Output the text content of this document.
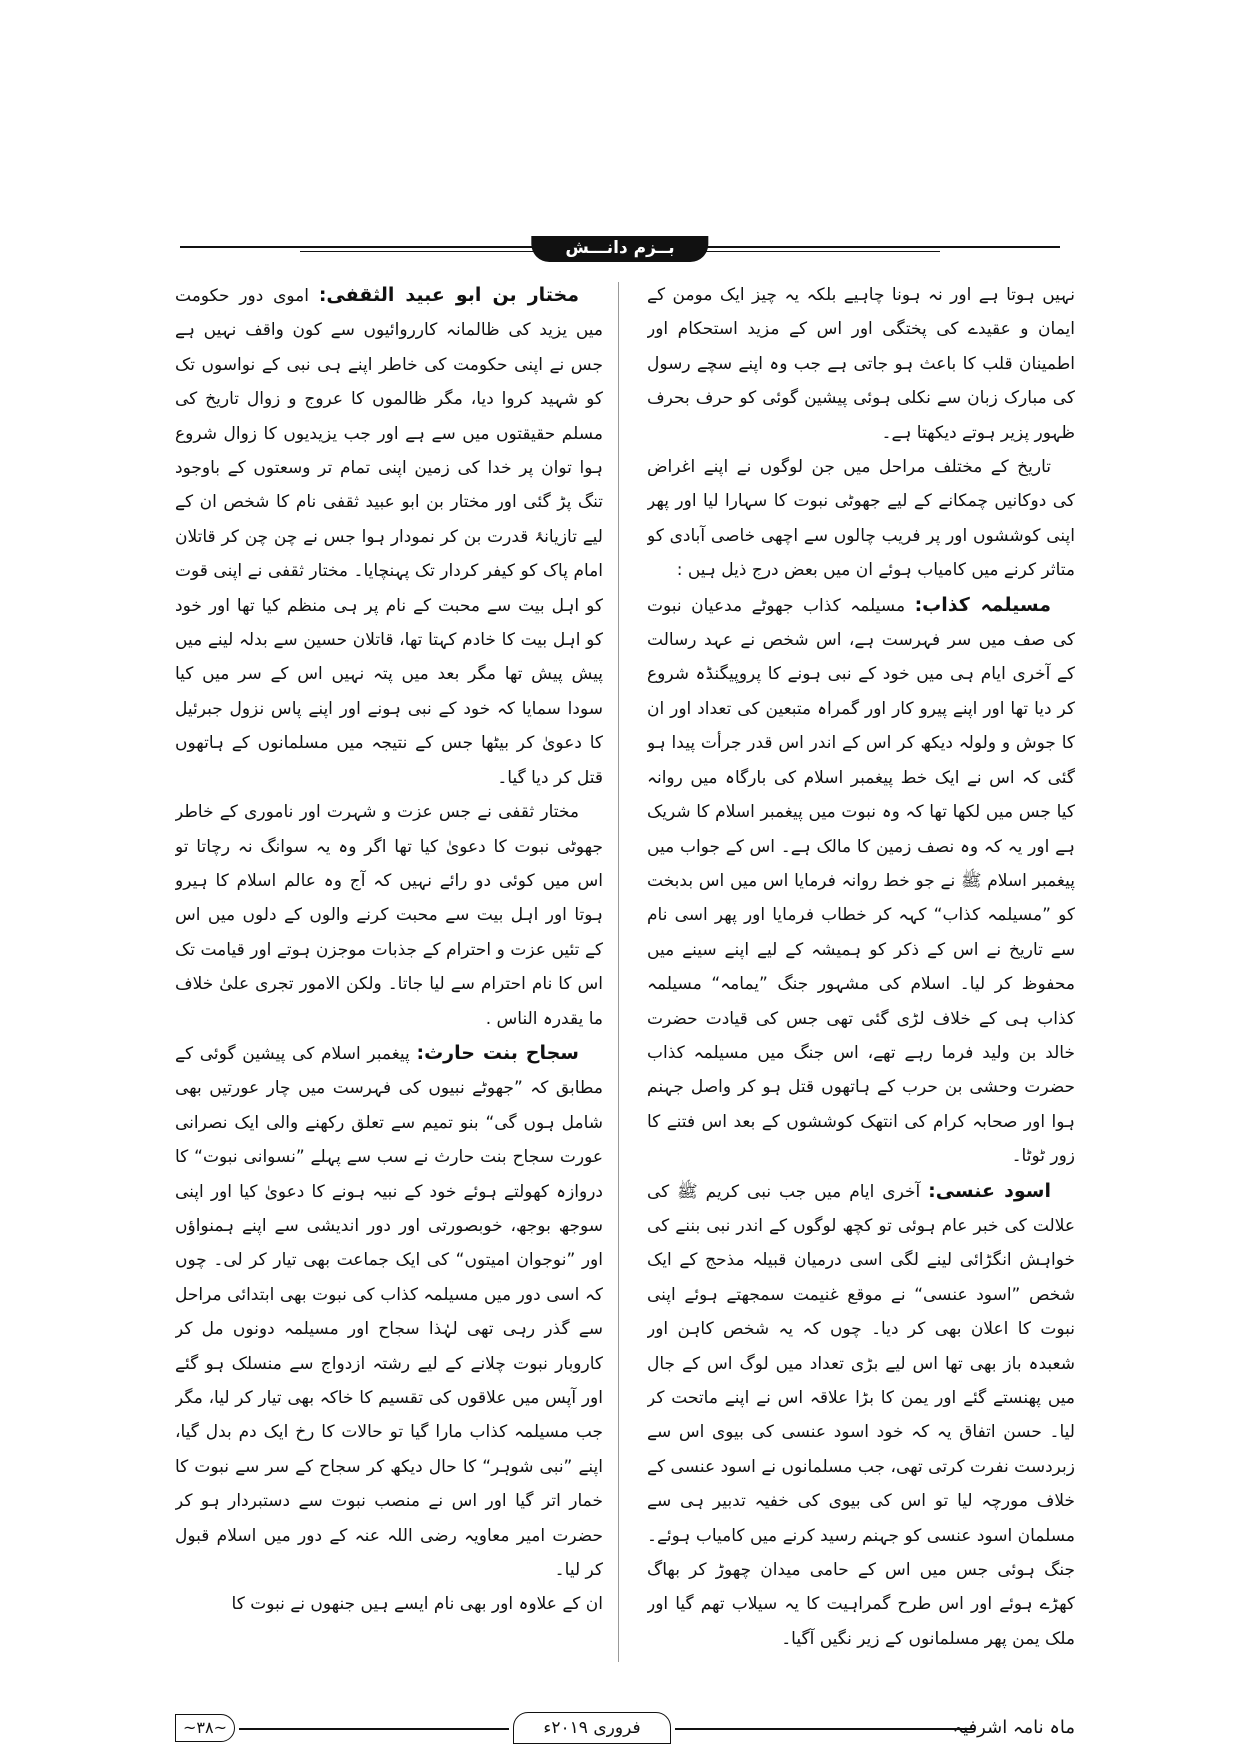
بــزم دانـــش

نہیں ہوتا ہے اور نہ ہونا چاہیے بلکہ یہ چیز ایک مومن کے ایمان و عقیدے کی پختگی اور اس کے مزید استحکام اور اطمینان قلب کا باعث ہو جاتی ہے جب وہ اپنے سچے رسول کی مبارک زبان سے نکلی ہوئی پیشین گوئی کو حرف بحرف ظہور پزیر ہوتے دیکھتا ہے۔

تاریخ کے مختلف مراحل میں جن لوگوں نے اپنے اغراض کی دوکانیں چمکانے کے لیے جھوٹی نبوت کا سہارا لیا اور پھر اپنی کوششوں اور پر فریب چالوں سے اچھی خاصی آبادی کو متاثر کرنے میں کامیاب ہوئے ان میں بعض درج ذیل ہیں :

مسیلمہ کذاب: مسیلمہ کذاب جھوٹے مدعیان نبوت کی صف میں سر فہرست ہے، اس شخص نے عہد رسالت کے آخری ایام ہی میں خود کے نبی ہونے کا پروپیگنڈہ شروع کر دیا تھا اور اپنے پیرو کار اور گمراہ متبعین کی تعداد اور ان کا جوش و ولولہ دیکھ کر اس کے اندر اس قدر جرأت پیدا ہو گئی کہ اس نے ایک خط پیغمبر اسلام کی بارگاہ میں روانہ کیا جس میں لکھا تھا کہ وہ نبوت میں پیغمبر اسلام کا شریک ہے اور یہ کہ وہ نصف زمین کا مالک ہے۔ اس کے جواب میں پیغمبر اسلام ﷺ نے جو خط روانہ فرمایا اس میں اس بدبخت کو ”مسیلمہ کذاب“ کہہ کر خطاب فرمایا اور پھر اسی نام سے تاریخ نے اس کے ذکر کو ہمیشہ کے لیے اپنے سینے میں محفوظ کر لیا۔ اسلام کی مشہور جنگ ”یمامہ“ مسیلمہ کذاب ہی کے خلاف لڑی گئی تھی جس کی قیادت حضرت خالد بن ولید فرما رہے تھے، اس جنگ میں مسیلمہ کذاب حضرت وحشی بن حرب کے ہاتھوں قتل ہو کر واصل جہنم ہوا اور صحابہ کرام کی انتھک کوششوں کے بعد اس فتنے کا زور ٹوٹا۔

اسود عنسی: آخری ایام میں جب نبی کریم ﷺ کی علالت کی خبر عام ہوئی تو کچھ لوگوں کے اندر نبی بننے کی خواہش انگڑائی لینے لگی اسی درمیان قبیلہ مذحج کے ایک شخص ”اسود عنسی“ نے موقع غنیمت سمجھتے ہوئے اپنی نبوت کا اعلان بھی کر دیا۔ چوں کہ یہ شخص کاہن اور شعبدہ باز بھی تھا اس لیے بڑی تعداد میں لوگ اس کے جال میں پھنستے گئے اور یمن کا بڑا علاقہ اس نے اپنے ماتحت کر لیا۔ حسن اتفاق یہ کہ خود اسود عنسی کی بیوی اس سے زبردست نفرت کرتی تھی، جب مسلمانوں نے اسود عنسی کے خلاف مورچہ لیا تو اس کی بیوی کی خفیہ تدبیر ہی سے مسلمان اسود عنسی کو جہنم رسید کرنے میں کامیاب ہوئے۔ جنگ ہوئی جس میں اس کے حامی میدان چھوڑ کر بھاگ کھڑے ہوئے اور اس طرح گمراہیت کا یہ سیلاب تھم گیا اور ملک یمن پھر مسلمانوں کے زیر نگیں آگیا۔

مختار بن ابو عبید الثقفی: اموی دور حکومت میں یزید کی ظالمانہ کارروائیوں سے کون واقف نہیں ہے جس نے اپنی حکومت کی خاطر اپنے ہی نبی کے نواسوں تک کو شہید کروا دیا، مگر ظالموں کا عروج و زوال تاریخ کی مسلم حقیقتوں میں سے ہے اور جب یزیدیوں کا زوال شروع ہوا توان پر خدا کی زمین اپنی تمام تر وسعتوں کے باوجود تنگ پڑ گئی اور مختار بن ابو عبید ثقفی نام کا شخص ان کے لیے تازیانۂ قدرت بن کر نمودار ہوا جس نے چن چن کر قاتلان امام پاک کو کیفر کردار تک پہنچایا۔ مختار ثقفی نے اپنی قوت کو اہل بیت سے محبت کے نام پر ہی منظم کیا تھا اور خود کو اہل بیت کا خادم کہتا تھا، قاتلان حسین سے بدلہ لینے میں پیش پیش تھا مگر بعد میں پتہ نہیں اس کے سر میں کیا سودا سمایا کہ خود کے نبی ہونے اور اپنے پاس نزول جبرئیل کا دعویٰ کر بیٹھا جس کے نتیجہ میں مسلمانوں کے ہاتھوں قتل کر دیا گیا۔

مختار ثقفی نے جس عزت و شہرت اور ناموری کے خاطر جھوٹی نبوت کا دعویٰ کیا تھا اگر وہ یہ سوانگ نہ رچاتا تو اس میں کوئی دو رائے نہیں کہ آج وہ عالم اسلام کا ہیرو ہوتا اور اہل بیت سے محبت کرنے والوں کے دلوں میں اس کے تئیں عزت و احترام کے جذبات موجزن ہوتے اور قیامت تک اس کا نام احترام سے لیا جاتا۔ ولکن الامور تجری علیٰ خلاف ما یقدرہ الناس .

سجاح بنت حارث: پیغمبر اسلام کی پیشین گوئی کے مطابق کہ ”جھوٹے نبیوں کی فہرست میں چار عورتیں بھی شامل ہوں گی“ بنو تمیم سے تعلق رکھنے والی ایک نصرانی عورت سجاح بنت حارث نے سب سے پہلے ”نسوانی نبوت“ کا دروازہ کھولتے ہوئے خود کے نبیہ ہونے کا دعویٰ کیا اور اپنی سوجھ بوجھ، خوبصورتی اور دور اندیشی سے اپنے ہمنواؤں اور ”نوجوان امیتوں“ کی ایک جماعت بھی تیار کر لی۔ چوں کہ اسی دور میں مسیلمہ کذاب کی نبوت بھی ابتدائی مراحل سے گذر رہی تھی لہٰذا سجاح اور مسیلمہ دونوں مل کر کاروبار نبوت چلانے کے لیے رشتہ ازدواج سے منسلک ہو گئے اور آپس میں علاقوں کی تقسیم کا خاکہ بھی تیار کر لیا، مگر جب مسیلمہ کذاب مارا گیا تو حالات کا رخ ایک دم بدل گیا، اپنے ”نبی شوہر“ کا حال دیکھ کر سجاح کے سر سے نبوت کا خمار اتر گیا اور اس نے منصب نبوت سے دستبردار ہو کر حضرت امیر معاویہ رضی اللہ عنہ کے دور میں اسلام قبول کر لیا۔

ان کے علاوہ اور بھی نام ایسے ہیں جنھوں نے نبوت کا

~۳۸~	فروری ۲۰۱۹ء	ماہ نامہ اشرفیہ
